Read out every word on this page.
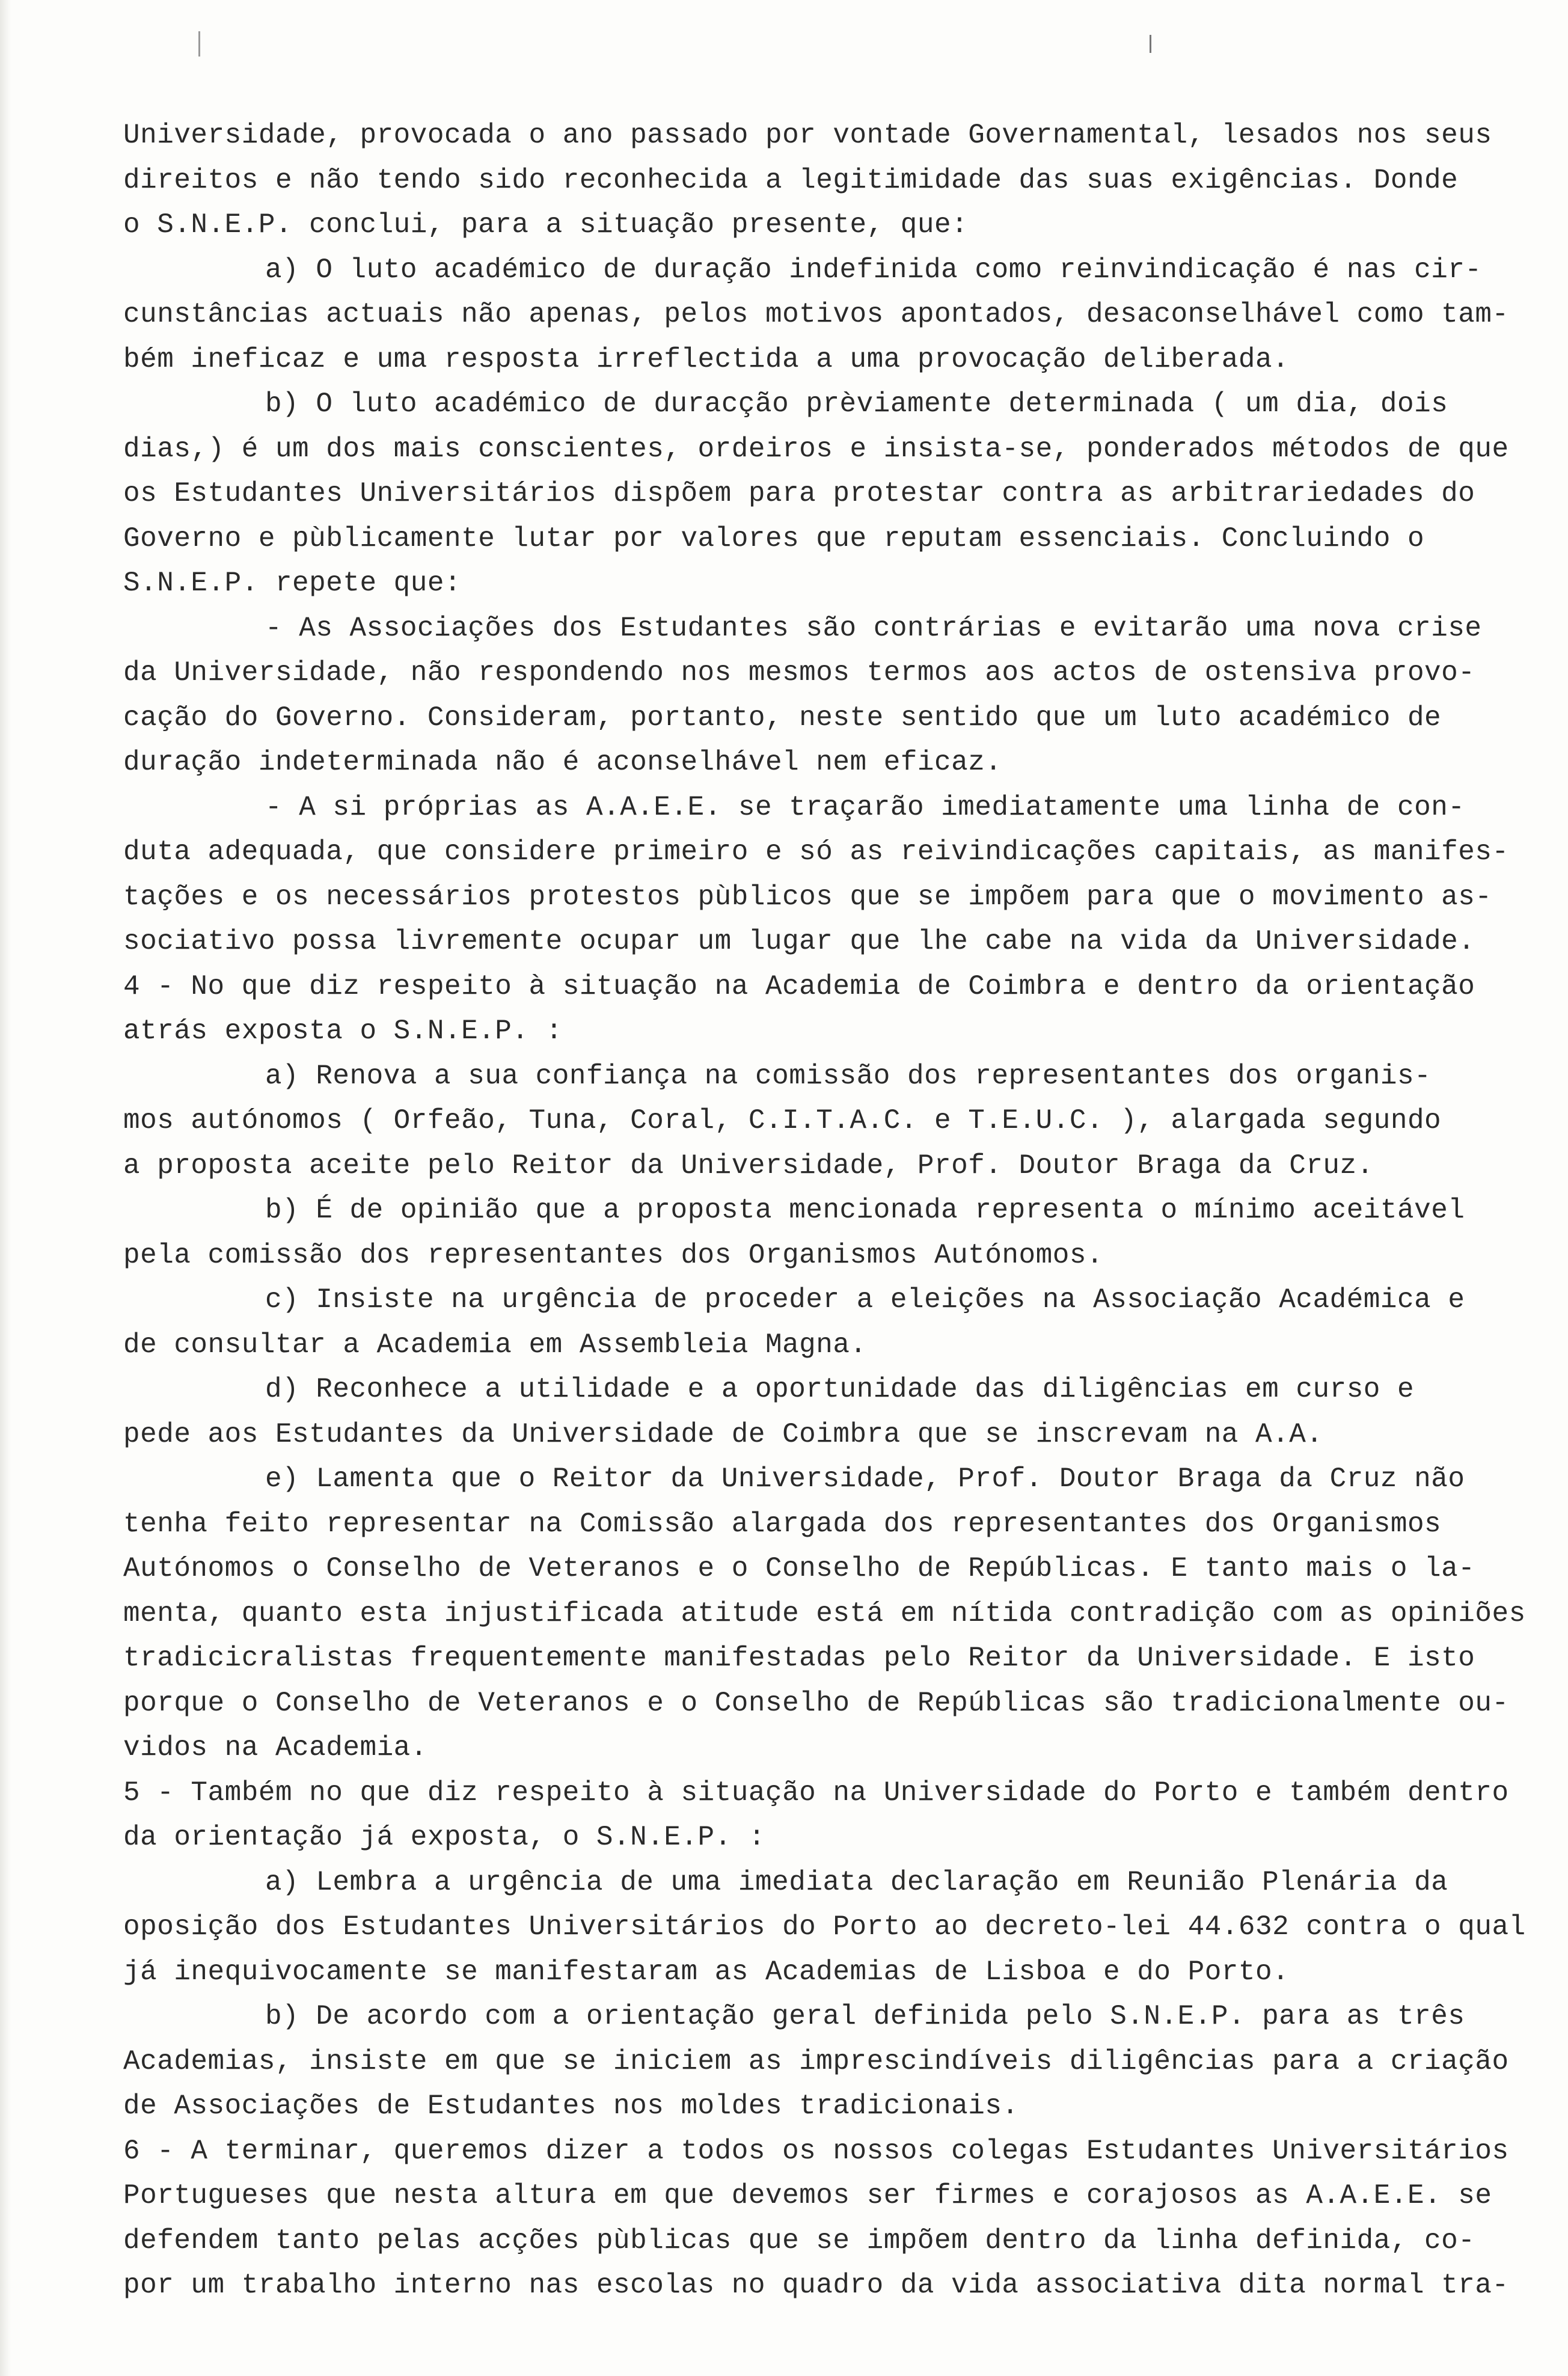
Universidade, provocada o ano passado por vontade Governamental, lesados nos seus

direitos e não tendo sido reconhecida a legitimidade das suas exigências. Donde

o S.N.E.P. conclui, para a situação presente, que:

a) O luto académico de duração indefinida como reinvindicação é nas cir-

cunstâncias actuais não apenas, pelos motivos apontados, desaconselhável como tam-

bém ineficaz e uma resposta irreflectida a uma provocação deliberada.

b) O luto académico de duracção prèviamente determinada ( um dia, dois

dias,) é um dos mais conscientes, ordeiros e insista-se, ponderados métodos de que

os Estudantes Universitários dispõem para protestar contra as arbitrariedades do

Governo e pùblicamente lutar por valores que reputam essenciais. Concluindo o

S.N.E.P. repete que:

- As Associações dos Estudantes são contrárias e evitarão uma nova crise

da Universidade, não respondendo nos mesmos termos aos actos de ostensiva provo-

cação do Governo. Consideram, portanto, neste sentido que um luto académico de

duração indeterminada não é aconselhável nem eficaz.

- A si próprias as A.A.E.E. se traçarão imediatamente uma linha de con-

duta adequada, que considere primeiro e só as reivindicações capitais, as manifes-

tações e os necessários protestos pùblicos que se impõem para que o movimento as-

sociativo possa livremente ocupar um lugar que lhe cabe na vida da Universidade.

4 - No que diz respeito à situação na Academia de Coimbra e dentro da orientação

atrás exposta o S.N.E.P. :

a) Renova a sua confiança na comissão dos representantes dos organis-

mos autónomos ( Orfeão, Tuna, Coral, C.I.T.A.C. e T.E.U.C. ), alargada segundo

a proposta aceite pelo Reitor da Universidade, Prof. Doutor Braga da Cruz.

b) É de opinião que a proposta mencionada representa o mínimo aceitável

pela comissão dos representantes dos Organismos Autónomos.

c) Insiste na urgência de proceder a eleições na Associação Académica e

de consultar a Academia em Assembleia Magna.

d) Reconhece a utilidade e a oportunidade das diligências em curso e

pede aos Estudantes da Universidade de Coimbra que se inscrevam na A.A.

e) Lamenta que o Reitor da Universidade, Prof. Doutor Braga da Cruz não

tenha feito representar na Comissão alargada dos representantes dos Organismos

Autónomos o Conselho de Veteranos e o Conselho de Repúblicas. E tanto mais o la-

menta, quanto esta injustificada atitude está em nítida contradição com as opiniões

tradicicralistas frequentemente manifestadas pelo Reitor da Universidade. E isto

porque o Conselho de Veteranos e o Conselho de Repúblicas são tradicionalmente ou-

vidos na Academia.

5 - Também no que diz respeito à situação na Universidade do Porto e também dentro

da orientação já exposta, o S.N.E.P. :

a) Lembra a urgência de uma imediata declaração em Reunião Plenária da

oposição dos Estudantes Universitários do Porto ao decreto-lei 44.632 contra o qual

já inequivocamente se manifestaram as Academias de Lisboa e do Porto.

b) De acordo com a orientação geral definida pelo S.N.E.P. para as três

Academias, insiste em que se iniciem as imprescindíveis diligências para a criação

de Associações de Estudantes nos moldes tradicionais.

6 - A terminar, queremos dizer a todos os nossos colegas Estudantes Universitários

Portugueses que nesta altura em que devemos ser firmes e corajosos as A.A.E.E. se

defendem tanto pelas acções pùblicas que se impõem dentro da linha definida, co-

por um trabalho interno nas escolas no quadro da vida associativa dita normal tra-
